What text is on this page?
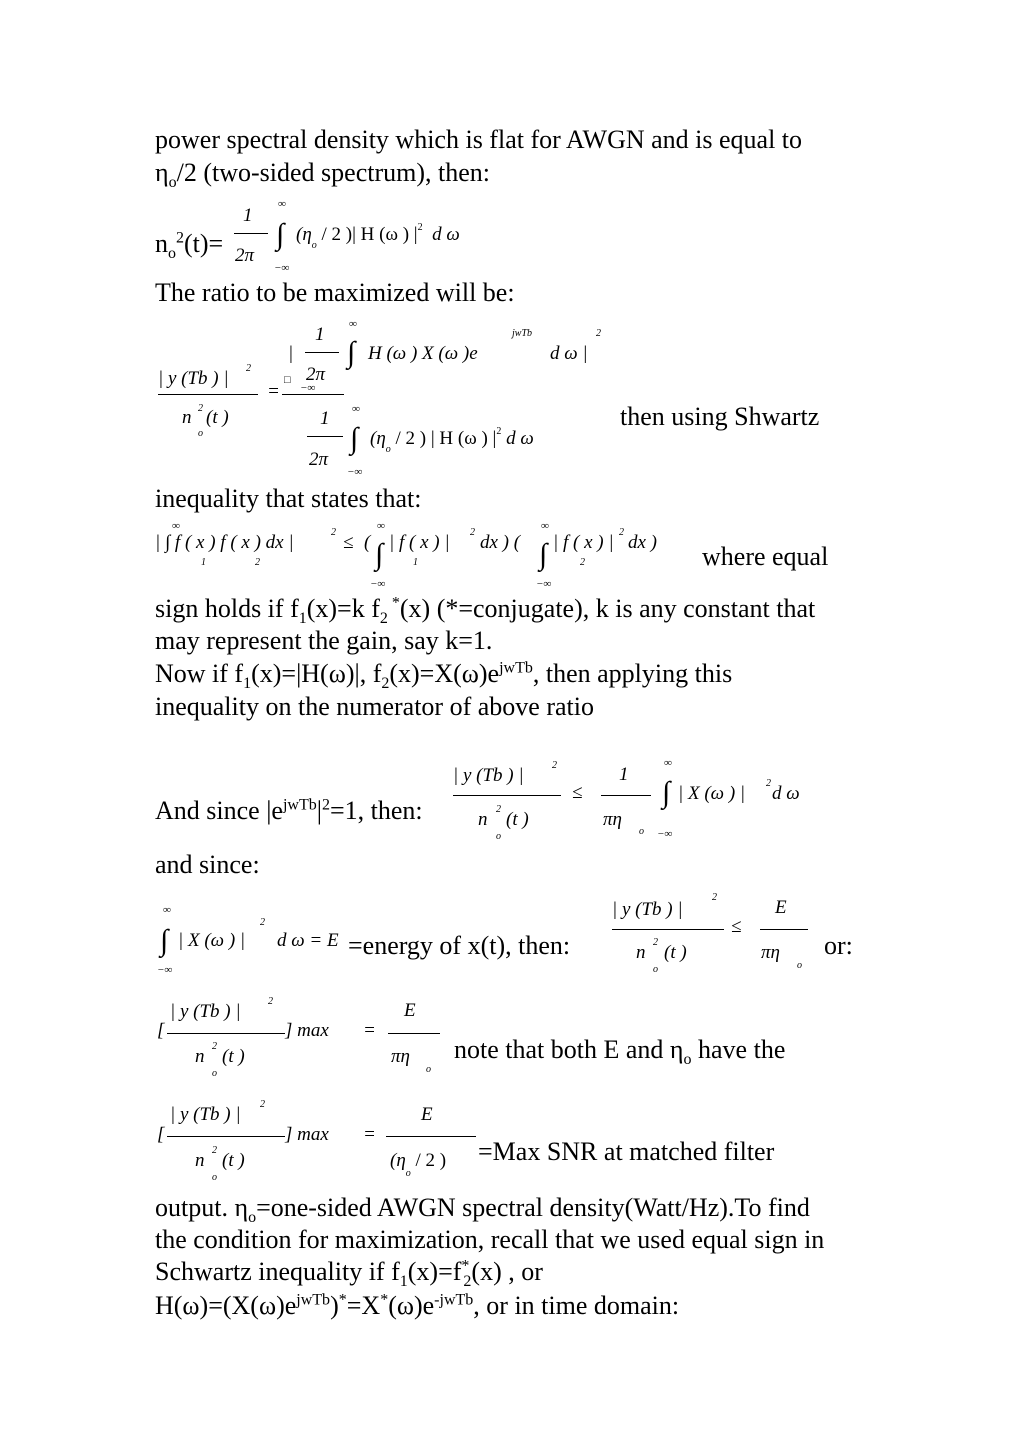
power spectral density which is flat for AWGN and is equal to
$\eta_o/2$ (two-sided spectrum), then:
$n_o^2(t)=$
1
2π
∞
∫
−∞
($\eta_o / 2$ )| H (ω ) $|^2$ d ω
The ratio to be maximized will be:
| y (Tb ) | 2
n 2
o
(t )
=
|
1
2π
□
−∞
∞
∫ H (ω ) X (ω )e
jwTb
d ω |
2
1
2π
∞
∫
−∞
($\eta_o / 2$ ) | H (ω ) $|^2$ d ω
then using Shwartz
inequality that states that:
∞
| ∫ f ( x ) f ( x ) dx |
1	2
2 ≤ (
∞
∫
−∞
| f ( x ) |
1
2 dx ) (
∞
∫
−∞
| f ( x ) |
2
2 dx ) where equal
sign holds if $f_1(x)=k$ $f_2$ *(x) (*=conjugate), k is any constant that
may represent the gain, say k=1.
Now if $f_1(x)=|H(\omega)|$, $f_2(x)=X(\omega)e^{jwTb}$, then applying this
inequality on the numerator of above ratio
And since $|e^{jwTb}|^2=1$, then:
| y (Tb ) |	2
n 2
o
(t )
≤
1
πη
o
∞
∫
−∞
| X (ω ) | 2 d ω
and since:
∞
∫
−∞
| X (ω ) |
2
d ω = E =energy of x(t), then:
| y (Tb ) |
2
n 2
o
(t )
≤
E
πη
o
or:
[
| y (Tb ) |	2
] max
n 2
o
(t )
=
E
πη
o
note that both E and $\eta_o$ have the
[
| y (Tb ) | 2
] max
n 2
o
(t )
=
E
($\eta_o / 2$ ) =Max SNR at matched filter
output. $\eta_o=one$-sided AWGN spectral density(Watt/Hz).To find
the condition for maximization, recall that we used equal sign in
Schwartz inequality if $f_1(x)=f^*_2(x)$ , or
$H(\omega)=(X(\omega)e^{jwTb})^*=X^*(\omega)e^{-jwTb}$, or in time domain:
